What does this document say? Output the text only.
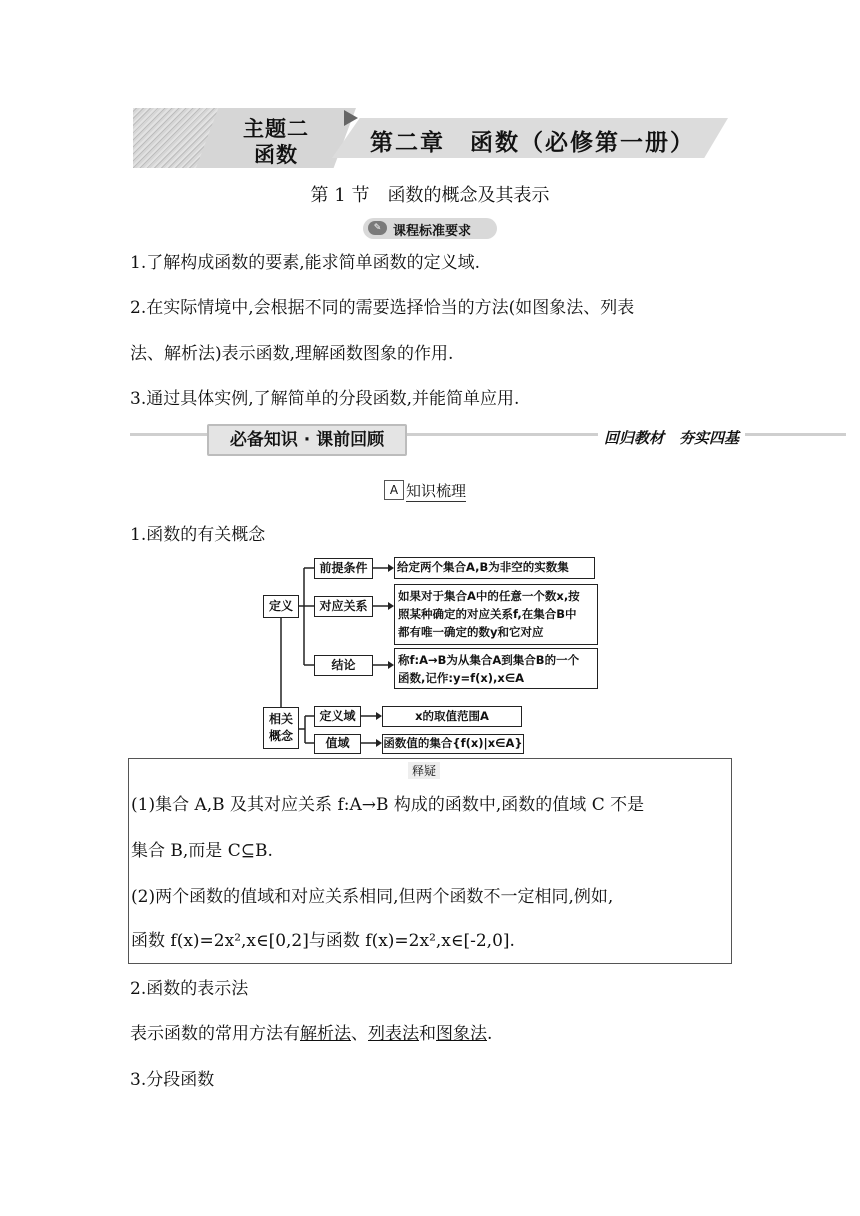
主题二
函数	第二章　函数（必修第一册）
第 1 节　函数的概念及其表示
✎ 课程标准要求
1.了解构成函数的要素,能求简单函数的定义域.
2.在实际情境中,会根据不同的需要选择恰当的方法(如图象法、列表
法、解析法)表示函数,理解函数图象的作用.
3.通过具体实例,了解简单的分段函数,并能简单应用.
必备知识 · 课前回顾	回归教材　夯实四基
A 知识梳理
1.函数的有关概念
定义
前提条件
对应关系
结论
给定两个集合A,B为非空的实数集
如果对于集合A中的任意一个数x,按
照某种确定的对应关系f,在集合B中
都有唯一确定的数y和它对应
称f:A→B为从集合A到集合B的一个
函数,记作:y=f(x),x∈A
相关
概念
定义域
值域
x的取值范围A
函数值的集合{f(x)|x∈A}
释疑
(1)集合 A,B 及其对应关系 f:A→B 构成的函数中,函数的值域 C 不是
集合 B,而是 C⊆B.
(2)两个函数的值域和对应关系相同,但两个函数不一定相同,例如,
函数 f(x)=2x²,x∈[0,2]与函数 f(x)=2x²,x∈[-2,0].
2.函数的表示法
表示函数的常用方法有解析法、列表法和图象法.
3.分段函数
